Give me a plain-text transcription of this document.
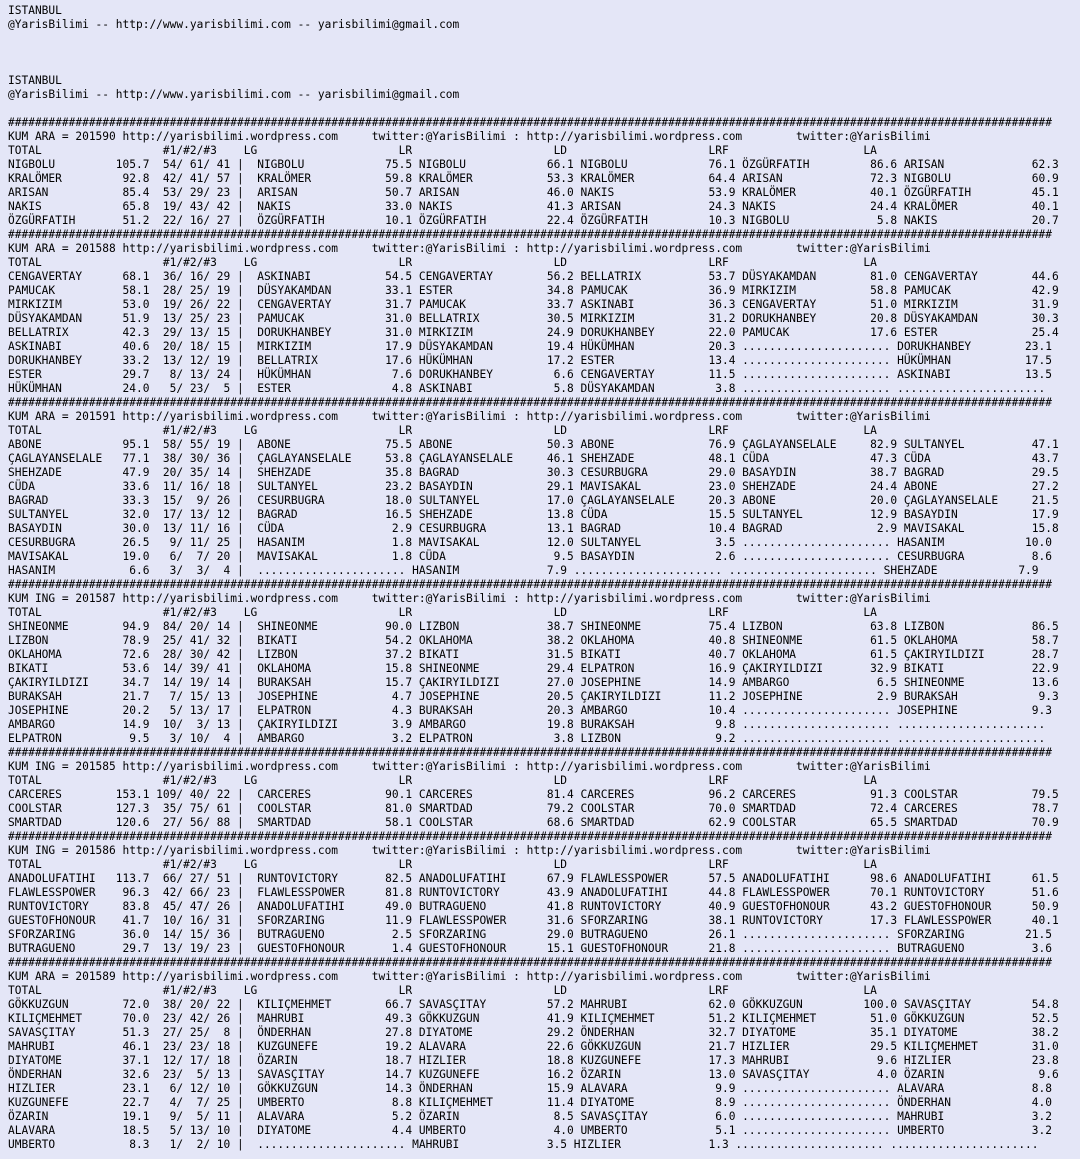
ISTANBUL
@YarisBilimi -- http://www.yarisbilimi.com -- yarisbilimi@gmail.com

ISTANBUL
@YarisBilimi -- http://www.yarisbilimi.com -- yarisbilimi@gmail.com

###########################################################################################################################################################
KUM ARA = 201590 http://yarisbilimi.wordpress.com     twitter:@YarisBilimi : http://yarisbilimi.wordpress.com        twitter:@YarisBilimi
TOTAL                  #1/#2/#3    LG                     LR                     LD                     LRF                    LA
NIGBOLU         105.7  54/ 61/ 41 |  NIGBOLU            75.5 NIGBOLU            66.1 NIGBOLU            76.1 ÖZGÜRFATIH         86.6 ARISAN             62.3
KRALÖMER         92.8  42/ 41/ 57 |  KRALÖMER           59.8 KRALÖMER           53.3 KRALÖMER           64.4 ARISAN             72.3 NIGBOLU            60.9
ARISAN           85.4  53/ 29/ 23 |  ARISAN             50.7 ARISAN             46.0 NAKIS              53.9 KRALÖMER           40.1 ÖZGÜRFATIH         45.1
NAKIS            65.8  19/ 43/ 42 |  NAKIS              33.0 NAKIS              41.3 ARISAN             24.3 NAKIS              24.4 KRALÖMER           40.1
ÖZGÜRFATIH       51.2  22/ 16/ 27 |  ÖZGÜRFATIH         10.1 ÖZGÜRFATIH         22.4 ÖZGÜRFATIH         10.3 NIGBOLU             5.8 NAKIS              20.7
###########################################################################################################################################################
KUM ARA = 201588 http://yarisbilimi.wordpress.com     twitter:@YarisBilimi : http://yarisbilimi.wordpress.com        twitter:@YarisBilimi
TOTAL                  #1/#2/#3    LG                     LR                     LD                     LRF                    LA
CENGAVERTAY      68.1  36/ 16/ 29 |  ASKINABI           54.5 CENGAVERTAY        56.2 BELLATRIX          53.7 DÜSYAKAMDAN        81.0 CENGAVERTAY        44.6
PAMUCAK          58.1  28/ 25/ 19 |  DÜSYAKAMDAN        33.1 ESTER              34.8 PAMUCAK            36.9 MIRKIZIM           58.8 PAMUCAK            42.9
MIRKIZIM         53.0  19/ 26/ 22 |  CENGAVERTAY        31.7 PAMUCAK            33.7 ASKINABI           36.3 CENGAVERTAY        51.0 MIRKIZIM           31.9
DÜSYAKAMDAN      51.9  13/ 25/ 23 |  PAMUCAK            31.0 BELLATRIX          30.5 MIRKIZIM           31.2 DORUKHANBEY        20.8 DÜSYAKAMDAN        30.3
BELLATRIX        42.3  29/ 13/ 15 |  DORUKHANBEY        31.0 MIRKIZIM           24.9 DORUKHANBEY        22.0 PAMUCAK            17.6 ESTER              25.4
ASKINABI         40.6  20/ 18/ 15 |  MIRKIZIM           17.9 DÜSYAKAMDAN        19.4 HÜKÜMHAN           20.3 ...................... DORUKHANBEY        23.1
DORUKHANBEY      33.2  13/ 12/ 19 |  BELLATRIX          17.6 HÜKÜMHAN           17.2 ESTER              13.4 ...................... HÜKÜMHAN           17.5
ESTER            29.7   8/ 13/ 24 |  HÜKÜMHAN            7.6 DORUKHANBEY         6.6 CENGAVERTAY        11.5 ...................... ASKINABI           13.5
HÜKÜMHAN         24.0   5/ 23/  5 |  ESTER               4.8 ASKINABI            5.8 DÜSYAKAMDAN         3.8 ...................... ......................
###########################################################################################################################################################
KUM ARA = 201591 http://yarisbilimi.wordpress.com     twitter:@YarisBilimi : http://yarisbilimi.wordpress.com        twitter:@YarisBilimi
TOTAL                  #1/#2/#3    LG                     LR                     LD                     LRF                    LA
ABONE            95.1  58/ 55/ 19 |  ABONE              75.5 ABONE              50.3 ABONE              76.9 ÇAGLAYANSELALE     82.9 SULTANYEL          47.1
ÇAGLAYANSELALE   77.1  38/ 30/ 36 |  ÇAGLAYANSELALE     53.8 ÇAGLAYANSELALE     46.1 SHEHZADE           48.1 CÜDA               47.3 CÜDA               43.7
SHEHZADE         47.9  20/ 35/ 14 |  SHEHZADE           35.8 BAGRAD             30.3 CESURBUGRA         29.0 BASAYDIN           38.7 BAGRAD             29.5
CÜDA             33.6  11/ 16/ 18 |  SULTANYEL          23.2 BASAYDIN           29.1 MAVISAKAL          23.0 SHEHZADE           24.4 ABONE              27.2
BAGRAD           33.3  15/  9/ 26 |  CESURBUGRA         18.0 SULTANYEL          17.0 ÇAGLAYANSELALE     20.3 ABONE              20.0 ÇAGLAYANSELALE     21.5
SULTANYEL        32.0  17/ 13/ 12 |  BAGRAD             16.5 SHEHZADE           13.8 CÜDA               15.5 SULTANYEL          12.9 BASAYDIN           17.9
BASAYDIN         30.0  13/ 11/ 16 |  CÜDA                2.9 CESURBUGRA         13.1 BAGRAD             10.4 BAGRAD              2.9 MAVISAKAL          15.8
CESURBUGRA       26.5   9/ 11/ 25 |  HASANIM             1.8 MAVISAKAL          12.0 SULTANYEL           3.5 ...................... HASANIM            10.0
MAVISAKAL        19.0   6/  7/ 20 |  MAVISAKAL           1.8 CÜDA                9.5 BASAYDIN            2.6 ...................... CESURBUGRA          8.6
HASANIM           6.6   3/  3/  4 |  ...................... HASANIM             7.9 ...................... ...................... SHEHZADE            7.9
###########################################################################################################################################################
KUM ING = 201587 http://yarisbilimi.wordpress.com     twitter:@YarisBilimi : http://yarisbilimi.wordpress.com        twitter:@YarisBilimi
TOTAL                  #1/#2/#3    LG                     LR                     LD                     LRF                    LA
SHINEONME        94.9  84/ 20/ 14 |  SHINEONME          90.0 LIZBON             38.7 SHINEONME          75.4 LIZBON             63.8 LIZBON             86.5
LIZBON           78.9  25/ 41/ 32 |  BIKATI             54.2 OKLAHOMA           38.2 OKLAHOMA           40.8 SHINEONME          61.5 OKLAHOMA           58.7
OKLAHOMA         72.6  28/ 30/ 42 |  LIZBON             37.2 BIKATI             31.5 BIKATI             40.7 OKLAHOMA           61.5 ÇAKIRYILDIZI       28.7
BIKATI           53.6  14/ 39/ 41 |  OKLAHOMA           15.8 SHINEONME          29.4 ELPATRON           16.9 ÇAKIRYILDIZI       32.9 BIKATI             22.9
ÇAKIRYILDIZI     34.7  14/ 19/ 14 |  BURAKSAH           15.7 ÇAKIRYILDIZI       27.0 JOSEPHINE          14.9 AMBARGO             6.5 SHINEONME          13.6
BURAKSAH         21.7   7/ 15/ 13 |  JOSEPHINE           4.7 JOSEPHINE          20.5 ÇAKIRYILDIZI       11.2 JOSEPHINE           2.9 BURAKSAH            9.3
JOSEPHINE        20.2   5/ 13/ 17 |  ELPATRON            4.3 BURAKSAH           20.3 AMBARGO            10.4 ...................... JOSEPHINE           9.3
AMBARGO          14.9  10/  3/ 13 |  ÇAKIRYILDIZI        3.9 AMBARGO            19.8 BURAKSAH            9.8 ...................... ......................
ELPATRON          9.5   3/ 10/  4 |  AMBARGO             3.2 ELPATRON            3.8 LIZBON              9.2 ...................... ......................
###########################################################################################################################################################
KUM ING = 201585 http://yarisbilimi.wordpress.com     twitter:@YarisBilimi : http://yarisbilimi.wordpress.com        twitter:@YarisBilimi
TOTAL                  #1/#2/#3    LG                     LR                     LD                     LRF                    LA
CARCERES        153.1 109/ 40/ 22 |  CARCERES           90.1 CARCERES           81.4 CARCERES           96.2 CARCERES           91.3 COOLSTAR           79.5
COOLSTAR        127.3  35/ 75/ 61 |  COOLSTAR           81.0 SMARTDAD           79.2 COOLSTAR           70.0 SMARTDAD           72.4 CARCERES           78.7
SMARTDAD        120.6  27/ 56/ 88 |  SMARTDAD           58.1 COOLSTAR           68.6 SMARTDAD           62.9 COOLSTAR           65.5 SMARTDAD           70.9
###########################################################################################################################################################
KUM ING = 201586 http://yarisbilimi.wordpress.com     twitter:@YarisBilimi : http://yarisbilimi.wordpress.com        twitter:@YarisBilimi
TOTAL                  #1/#2/#3    LG                     LR                     LD                     LRF                    LA
ANADOLUFATIHI   113.7  66/ 27/ 51 |  RUNTOVICTORY       82.5 ANADOLUFATIHI      67.9 FLAWLESSPOWER      57.5 ANADOLUFATIHI      98.6 ANADOLUFATIHI      61.5
FLAWLESSPOWER    96.3  42/ 66/ 23 |  FLAWLESSPOWER      81.8 RUNTOVICTORY       43.9 ANADOLUFATIHI      44.8 FLAWLESSPOWER      70.1 RUNTOVICTORY       51.6
RUNTOVICTORY     83.8  45/ 47/ 26 |  ANADOLUFATIHI      49.0 BUTRAGUENO         41.8 RUNTOVICTORY       40.9 GUESTOFHONOUR      43.2 GUESTOFHONOUR      50.9
GUESTOFHONOUR    41.7  10/ 16/ 31 |  SFORZARING         11.9 FLAWLESSPOWER      31.6 SFORZARING         38.1 RUNTOVICTORY       17.3 FLAWLESSPOWER      40.1
SFORZARING       36.0  14/ 15/ 36 |  BUTRAGUENO          2.5 SFORZARING         29.0 BUTRAGUENO         26.1 ...................... SFORZARING         21.5
BUTRAGUENO       29.7  13/ 19/ 23 |  GUESTOFHONOUR       1.4 GUESTOFHONOUR      15.1 GUESTOFHONOUR      21.8 ...................... BUTRAGUENO          3.6
###########################################################################################################################################################
KUM ARA = 201589 http://yarisbilimi.wordpress.com     twitter:@YarisBilimi : http://yarisbilimi.wordpress.com        twitter:@YarisBilimi
TOTAL                  #1/#2/#3    LG                     LR                     LD                     LRF                    LA
GÖKKUZGUN        72.0  38/ 20/ 22 |  KILIÇMEHMET        66.7 SAVASÇITAY         57.2 MAHRUBI            62.0 GÖKKUZGUN         100.0 SAVASÇITAY         54.8
KILIÇMEHMET      70.0  23/ 42/ 26 |  MAHRUBI            49.3 GÖKKUZGUN          41.9 KILIÇMEHMET        51.2 KILIÇMEHMET        51.0 GÖKKUZGUN          52.5
SAVASÇITAY       51.3  27/ 25/  8 |  ÖNDERHAN           27.8 DIYATOME           29.2 ÖNDERHAN           32.7 DIYATOME           35.1 DIYATOME           38.2
MAHRUBI          46.1  23/ 23/ 18 |  KUZGUNEFE          19.2 ALAVARA            22.6 GÖKKUZGUN          21.7 HIZLIER            29.5 KILIÇMEHMET        31.0
DIYATOME         37.1  12/ 17/ 18 |  ÖZARIN             18.7 HIZLIER            18.8 KUZGUNEFE          17.3 MAHRUBI             9.6 HIZLIER            23.8
ÖNDERHAN         32.6  23/  5/ 13 |  SAVASÇITAY         14.7 KUZGUNEFE          16.2 ÖZARIN             13.0 SAVASÇITAY          4.0 ÖZARIN              9.6
HIZLIER          23.1   6/ 12/ 10 |  GÖKKUZGUN          14.3 ÖNDERHAN           15.9 ALAVARA             9.9 ...................... ALAVARA             8.8
KUZGUNEFE        22.7   4/  7/ 25 |  UMBERTO             8.8 KILIÇMEHMET        11.4 DIYATOME            8.9 ...................... ÖNDERHAN            4.0
ÖZARIN           19.1   9/  5/ 11 |  ALAVARA             5.2 ÖZARIN              8.5 SAVASÇITAY          6.0 ...................... MAHRUBI             3.2
ALAVARA          18.5   5/ 13/ 10 |  DIYATOME            4.4 UMBERTO             4.0 UMBERTO             5.1 ...................... UMBERTO             3.2
UMBERTO           8.3   1/  2/ 10 |  ...................... MAHRUBI             3.5 HIZLIER             1.3 ...................... ......................
